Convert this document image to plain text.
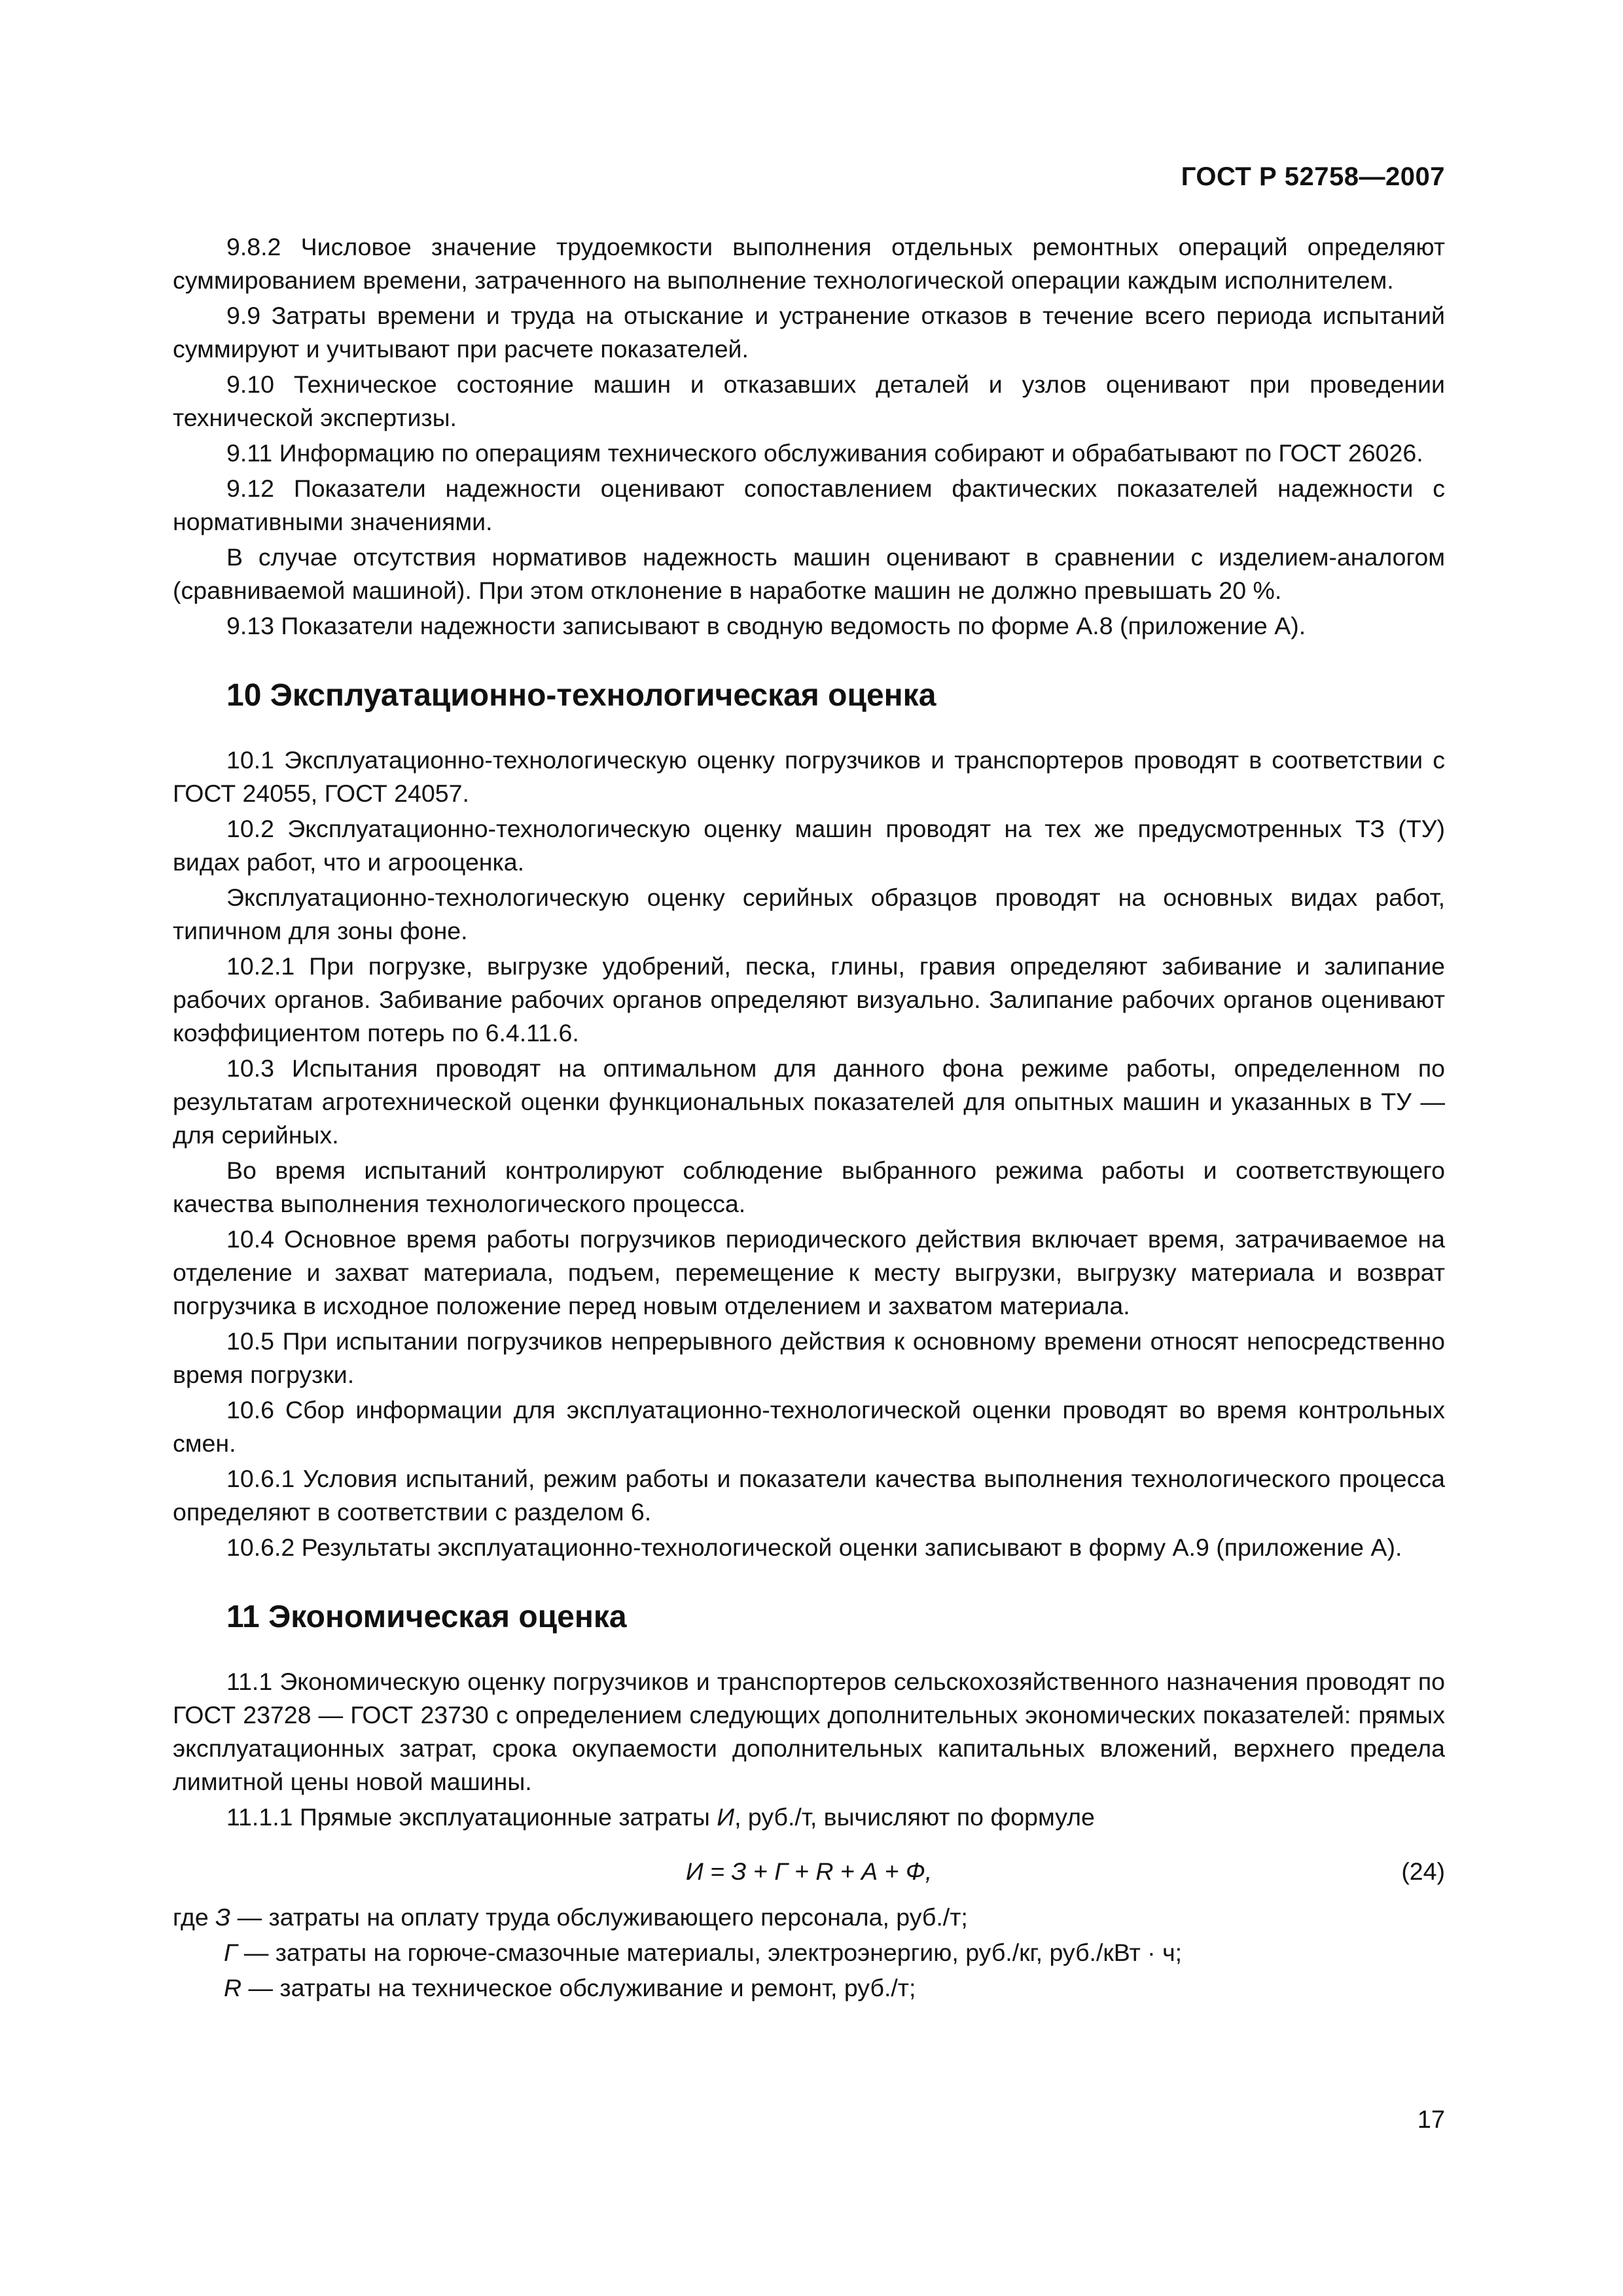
ГОСТ Р 52758—2007

9.8.2 Числовое значение трудоемкости выполнения отдельных ремонтных операций определяют суммированием времени, затраченного на выполнение технологической операции каждым исполнителем.

9.9 Затраты времени и труда на отыскание и устранение отказов в течение всего периода испытаний суммируют и учитывают при расчете показателей.

9.10 Техническое состояние машин и отказавших деталей и узлов оценивают при проведении технической экспертизы.

9.11 Информацию по операциям технического обслуживания собирают и обрабатывают по ГОСТ 26026.

9.12 Показатели надежности оценивают сопоставлением фактических показателей надежности с нормативными значениями.

В случае отсутствия нормативов надежность машин оценивают в сравнении с изделием-аналогом (сравниваемой машиной). При этом отклонение в наработке машин не должно превышать 20 %.

9.13 Показатели надежности записывают в сводную ведомость по форме А.8 (приложение А).

10 Эксплуатационно-технологическая оценка

10.1 Эксплуатационно-технологическую оценку погрузчиков и транспортеров проводят в соответствии с ГОСТ 24055, ГОСТ 24057.

10.2 Эксплуатационно-технологическую оценку машин проводят на тех же предусмотренных ТЗ (ТУ) видах работ, что и агрооценка.

Эксплуатационно-технологическую оценку серийных образцов проводят на основных видах работ, типичном для зоны фоне.

10.2.1 При погрузке, выгрузке удобрений, песка, глины, гравия определяют забивание и залипание рабочих органов. Забивание рабочих органов определяют визуально. Залипание рабочих органов оценивают коэффициентом потерь по 6.4.11.6.

10.3 Испытания проводят на оптимальном для данного фона режиме работы, определенном по результатам агротехнической оценки функциональных показателей для опытных машин и указанных в ТУ — для серийных.

Во время испытаний контролируют соблюдение выбранного режима работы и соответствующего качества выполнения технологического процесса.

10.4 Основное время работы погрузчиков периодического действия включает время, затрачиваемое на отделение и захват материала, подъем, перемещение к месту выгрузки, выгрузку материала и возврат погрузчика в исходное положение перед новым отделением и захватом материала.

10.5 При испытании погрузчиков непрерывного действия к основному времени относят непосредственно время погрузки.

10.6 Сбор информации для эксплуатационно-технологической оценки проводят во время контрольных смен.

10.6.1 Условия испытаний, режим работы и показатели качества выполнения технологического процесса определяют в соответствии с разделом 6.

10.6.2 Результаты эксплуатационно-технологической оценки записывают в форму А.9 (приложение А).

11 Экономическая оценка

11.1 Экономическую оценку погрузчиков и транспортеров сельскохозяйственного назначения проводят по ГОСТ 23728 — ГОСТ 23730 с определением следующих дополнительных экономических показателей: прямых эксплуатационных затрат, срока окупаемости дополнительных капитальных вложений, верхнего предела лимитной цены новой машины.

11.1.1 Прямые эксплуатационные затраты И, руб./т, вычисляют по формуле

И = З + Г + R + А + Ф,	(24)

где З — затраты на оплату труда обслуживающего персонала, руб./т;

Г — затраты на горюче-смазочные материалы, электроэнергию, руб./кг, руб./кВт · ч;

R — затраты на техническое обслуживание и ремонт, руб./т;

17
